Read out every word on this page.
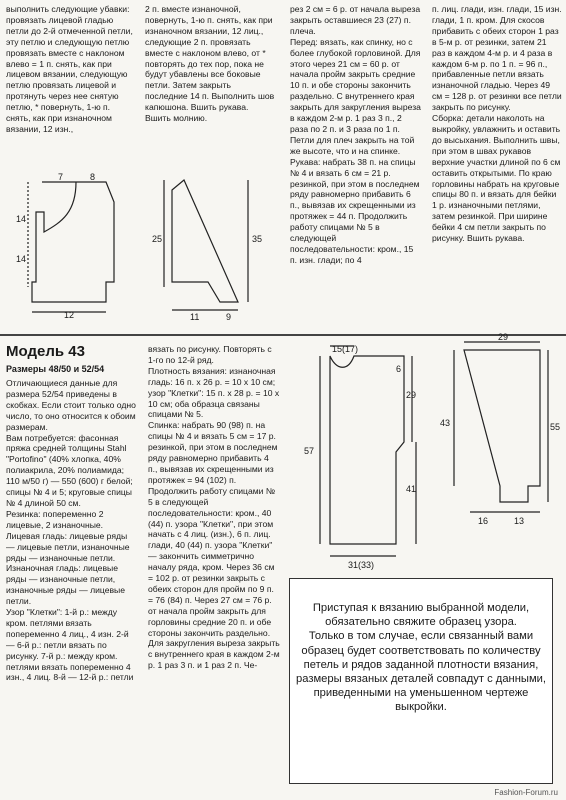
выполнить следующие убавки: провязать лицевой гладью петли до 2-й отмеченной петли, эту петлю и следующую петлю провязать вместе с наклоном влево = 1 п. снять, как при лицевом вязании, следующую петлю провязать лицевой и протянуть через нее снятую петлю, * повернуть, 1-ю п. снять, как при изнаночном вязании, 12 изн.,
2 п. вместе изнаночной, повернуть, 1-ю п. снять, как при изнаночном вязании, 12 лиц., следующие 2 п. провязать вместе с наклоном влево, от * повторять до тех пор, пока не будут убавлены все боковые петли. Затем закрыть последние 14 п. Выполнить шов капюшона. Вшить рукава. Вшить молнию.
рез 2 см = 6 р. от начала выреза закрыть оставшиеся 23 (27) п. плеча.
Перед: вязать, как спинку, но с более глубокой горловиной. Для этого через 21 см = 60 р. от начала пройм закрыть средние 10 п. и обе стороны закончить раздельно. С внутреннего края закрыть для закругления выреза в каждом 2-м р. 1 раз 3 п., 2 раза по 2 п. и 3 раза по 1 п. Петли для плеч закрыть на той же высоте, что и на спинке.
Рукава: набрать 38 п. на спицы № 4 и вязать 6 см = 21 р. резинкой, при этом в последнем ряду равномерно прибавить 6 п., вывязав их скрещенными из протяжек = 44 п. Продолжить работу спицами № 5 в следующей последовательности: кром., 15 п. изн. глади; по 4
п. лиц. глади, изн. глади, 15 изн. глади, 1 п. кром. Для скосов прибавить с обеих сторон 1 раз в 5-м р. от резинки, затем 21 раз в каждом 4-м р. и 4 раза в каждом 6-м р. по 1 п. = 96 п., прибавленные петли вязать изнаночной гладью. Через 49 см = 128 р. от резинки все петли закрыть по рисунку.
Сборка: детали наколоть на выкройку, увлажнить и оставить до высыхания. Выполнить швы, при этом в швах рукавов верхние участки длиной по 6 см оставить открытыми. По краю горловины набрать на круговые спицы 80 п. и вязать для бейки 1 р. изнаночными петлями, затем резинкой. При ширине бейки 4 см петли закрыть по рисунку. Вшить рукава.
7	8
14
14
12
25	35
11	9

Модель 43

Размеры 48/50 и 52/54

Отличающиеся данные для размера 52/54 приведены в скобках. Если стоит только одно число, то оно относится к обоим размерам.
Вам потребуется: фасонная пряжа средней толщины Stahl "Portofino" (40% хлопка, 40% полиакрила, 20% полиамида; 110 м/50 г) — 550 (600) г белой; спицы № 4 и 5; круговые спицы № 4 длиной 50 см.
Резинка: попеременно 2 лицевые, 2 изнаночные.
Лицевая гладь: лицевые ряды — лицевые петли, изнаночные ряды — изнаночные петли.
Изнаночная гладь: лицевые ряды — изнаночные петли, изнаночные ряды — лицевые петли.
Узор "Клетки": 1-й р.: между кром. петлями вязать попеременно 4 лиц., 4 изн. 2-й — 6-й р.: петли вязать по рисунку. 7-й р.: между кром. петлями вязать попеременно 4 изн., 4 лиц. 8-й — 12-й р.: петли
вязать по рисунку. Повторять с 1-го по 12-й ряд.
Плотность вязания: изнаночная гладь: 16 п. х 26 р. = 10 х 10 см; узор "Клетки": 15 п. х 28 р. = 10 х 10 см; оба образца связаны спицами № 5.
Спинка: набрать 90 (98) п. на спицы № 4 и вязать 5 см = 17 р. резинкой, при этом в последнем ряду равномерно прибавить 4 п., вывязав их скрещенными из протяжек = 94 (102) п. Продолжить работу спицами № 5 в следующей последовательности: кром., 40 (44) п. узора "Клетки", при этом начать с 4 лиц. (изн.), 6 п. лиц. глади, 40 (44) п. узора "Клетки" — закончить симметрично началу ряда, кром. Через 36 см = 102 р. от резинки закрыть с обеих сторон для пройм по 9 п. = 76 (84) п. Через 27 см = 76 р. от начала пройм закрыть для горловины средние 20 п. и обе стороны закончить раздельно. Для закругления выреза закрыть с внутреннего края в каждом 2-м р. 1 раз 3 п. и 1 раз 2 п. Че-
15(17)
57
6
29
41
31(33)
29
43	55
16	13
Приступая к вязанию выбранной модели, обязательно свяжите образец узора.
Только в том случае, если связанный вами образец будет соответствовать по количеству петель и рядов заданной плотности вязания, размеры вязаных деталей совпадут с данными, приведенными на уменьшенном чертеже выкройки.

Fashion-Forum.ru
